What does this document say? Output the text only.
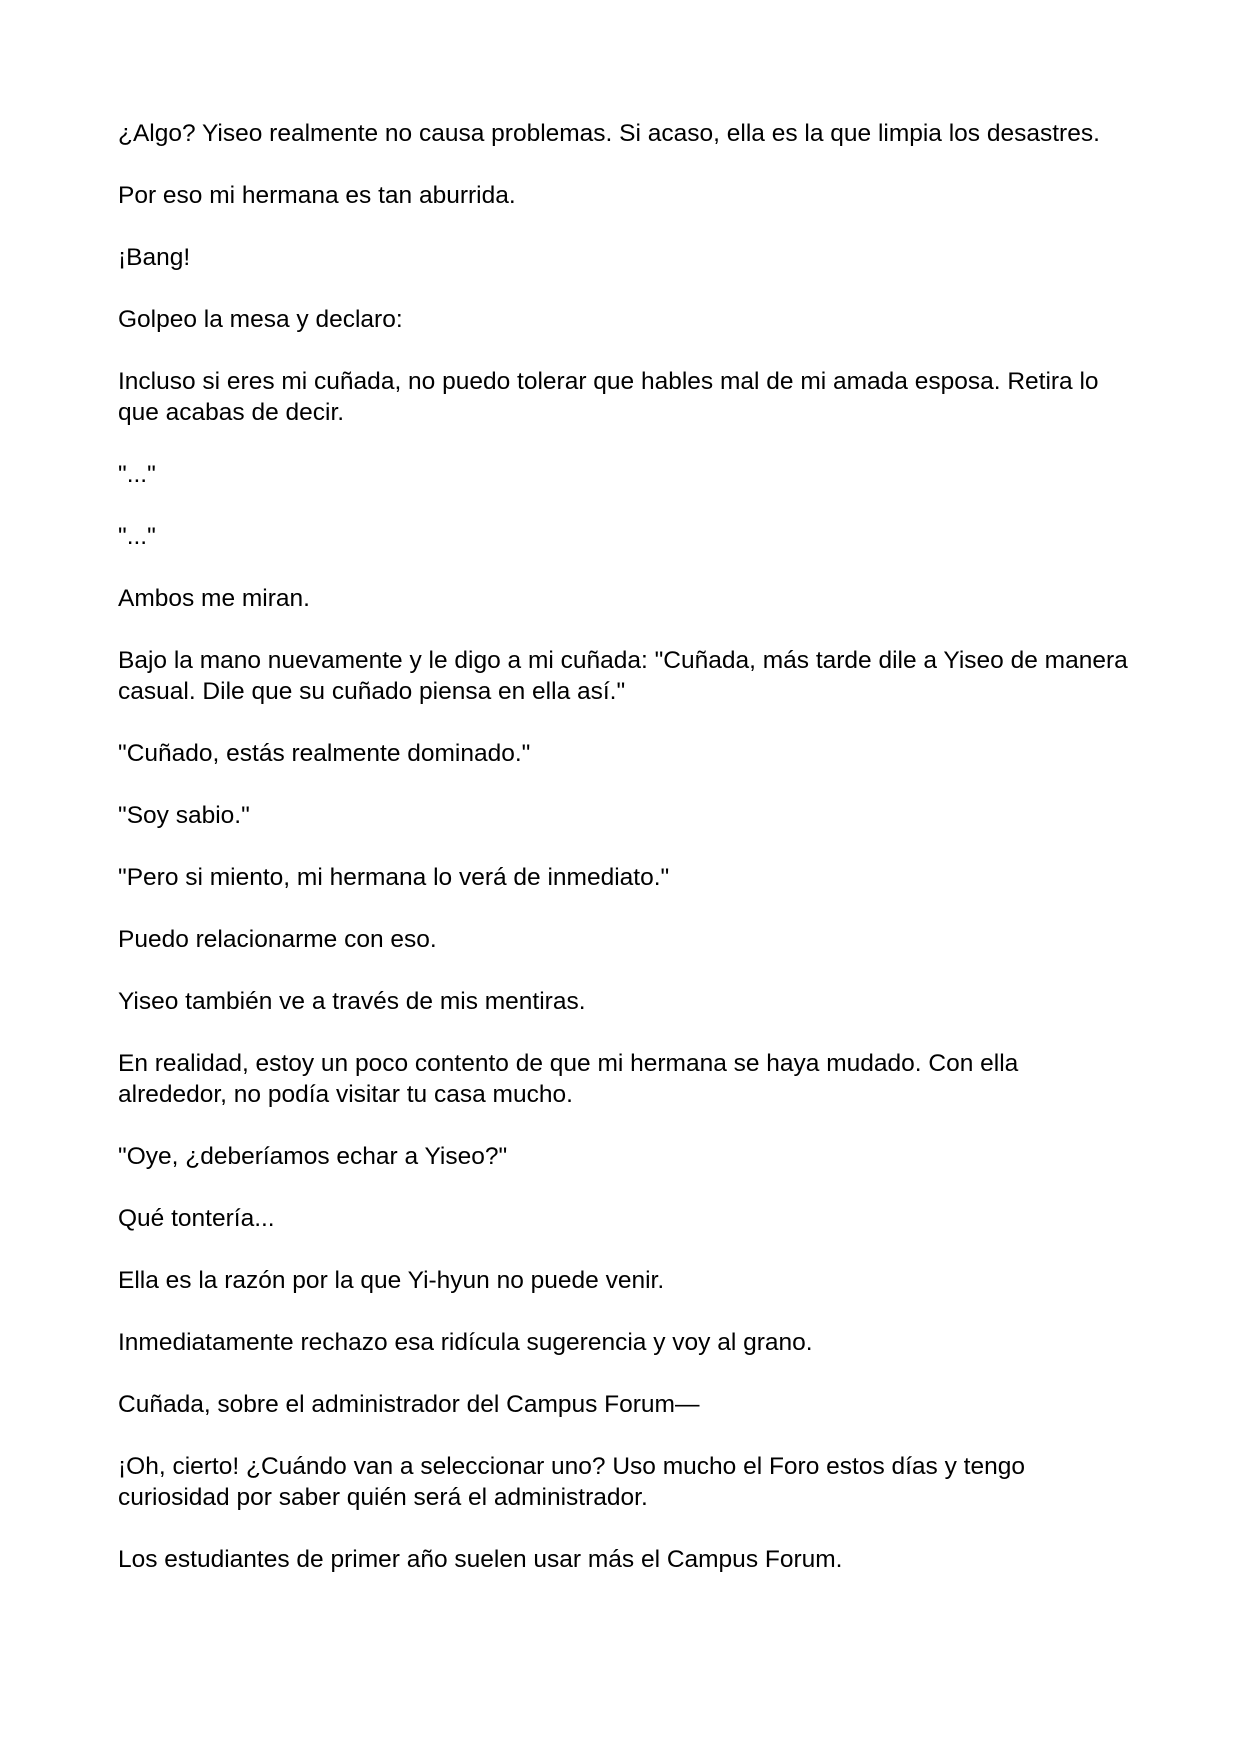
¿Algo? Yiseo realmente no causa problemas. Si acaso, ella es la que limpia los desastres.

Por eso mi hermana es tan aburrida.

¡Bang!

Golpeo la mesa y declaro:

Incluso si eres mi cuñada, no puedo tolerar que hables mal de mi amada esposa. Retira lo que acabas de decir.

"..."

"..."

Ambos me miran.

Bajo la mano nuevamente y le digo a mi cuñada: "Cuñada, más tarde dile a Yiseo de manera casual. Dile que su cuñado piensa en ella así."

"Cuñado, estás realmente dominado."

"Soy sabio."

"Pero si miento, mi hermana lo verá de inmediato."

Puedo relacionarme con eso.

Yiseo también ve a través de mis mentiras.

En realidad, estoy un poco contento de que mi hermana se haya mudado. Con ella alrededor, no podía visitar tu casa mucho.

"Oye, ¿deberíamos echar a Yiseo?"

Qué tontería...

Ella es la razón por la que Yi-hyun no puede venir.

Inmediatamente rechazo esa ridícula sugerencia y voy al grano.

Cuñada, sobre el administrador del Campus Forum—

¡Oh, cierto! ¿Cuándo van a seleccionar uno? Uso mucho el Foro estos días y tengo curiosidad por saber quién será el administrador.

Los estudiantes de primer año suelen usar más el Campus Forum.
